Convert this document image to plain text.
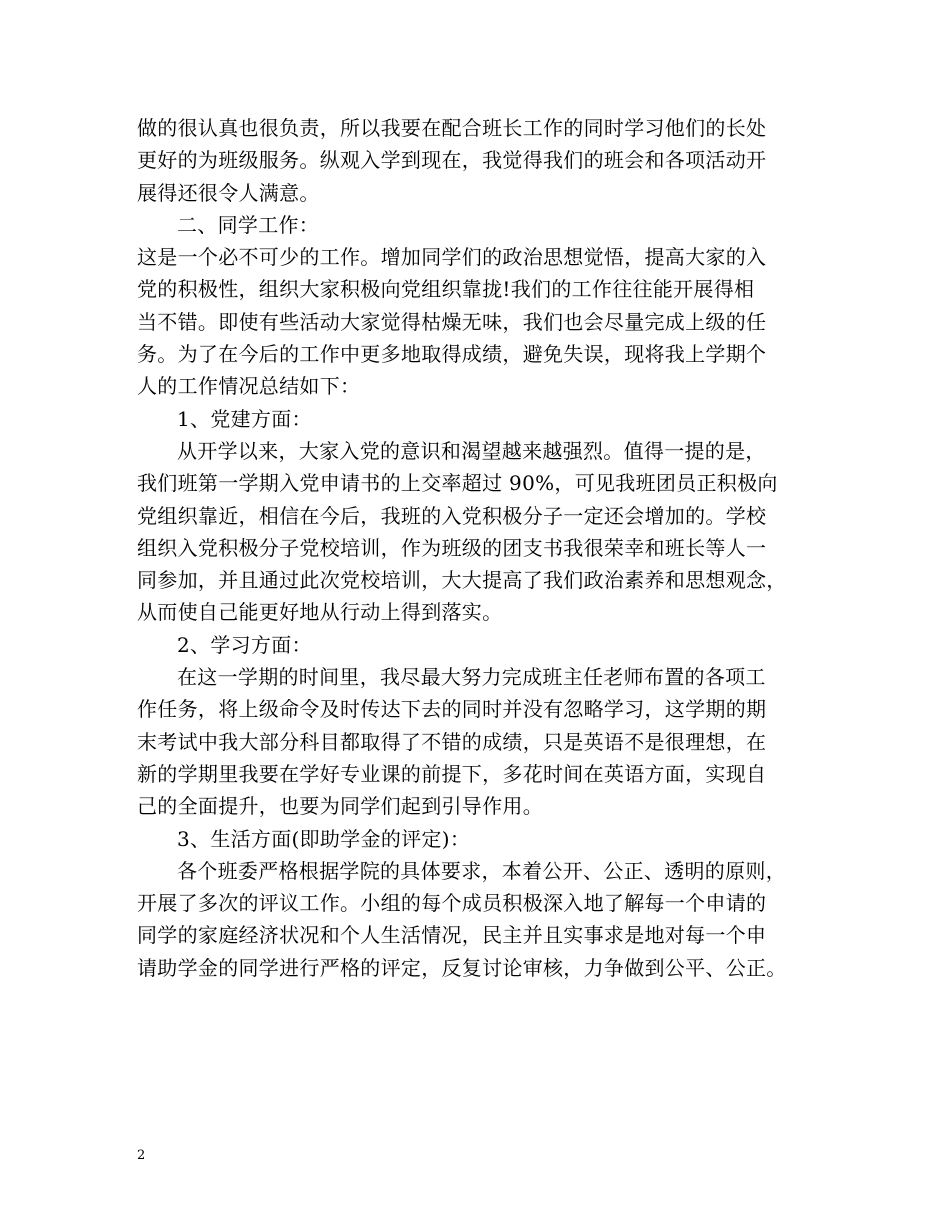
做的很认真也很负责，所以我要在配合班长工作的同时学习他们的长处
更好的为班级服务。纵观入学到现在，我觉得我们的班会和各项活动开
展得还很令人满意。
二、同学工作：
这是一个必不可少的工作。增加同学们的政治思想觉悟，提高大家的入
党的积极性，组织大家积极向党组织靠拢!我们的工作往往能开展得相
当不错。即使有些活动大家觉得枯燥无味，我们也会尽量完成上级的任
务。为了在今后的工作中更多地取得成绩，避免失误，现将我上学期个
人的工作情况总结如下：
1、党建方面：
从开学以来，大家入党的意识和渴望越来越强烈。值得一提的是，
我们班第一学期入党申请书的上交率超过 90%，可见我班团员正积极向
党组织靠近，相信在今后，我班的入党积极分子一定还会增加的。学校
组织入党积极分子党校培训，作为班级的团支书我很荣幸和班长等人一
同参加，并且通过此次党校培训，大大提高了我们政治素养和思想观念，
从而使自己能更好地从行动上得到落实。
2、学习方面：
在这一学期的时间里，我尽最大努力完成班主任老师布置的各项工
作任务，将上级命令及时传达下去的同时并没有忽略学习，这学期的期
末考试中我大部分科目都取得了不错的成绩，只是英语不是很理想，在
新的学期里我要在学好专业课的前提下，多花时间在英语方面，实现自
己的全面提升，也要为同学们起到引导作用。
3、生活方面(即助学金的评定)：
各个班委严格根据学院的具体要求，本着公开、公正、透明的原则，
开展了多次的评议工作。小组的每个成员积极深入地了解每一个申请的
同学的家庭经济状况和个人生活情况，民主并且实事求是地对每一个申
请助学金的同学进行严格的评定，反复讨论审核，力争做到公平、公正。
2
